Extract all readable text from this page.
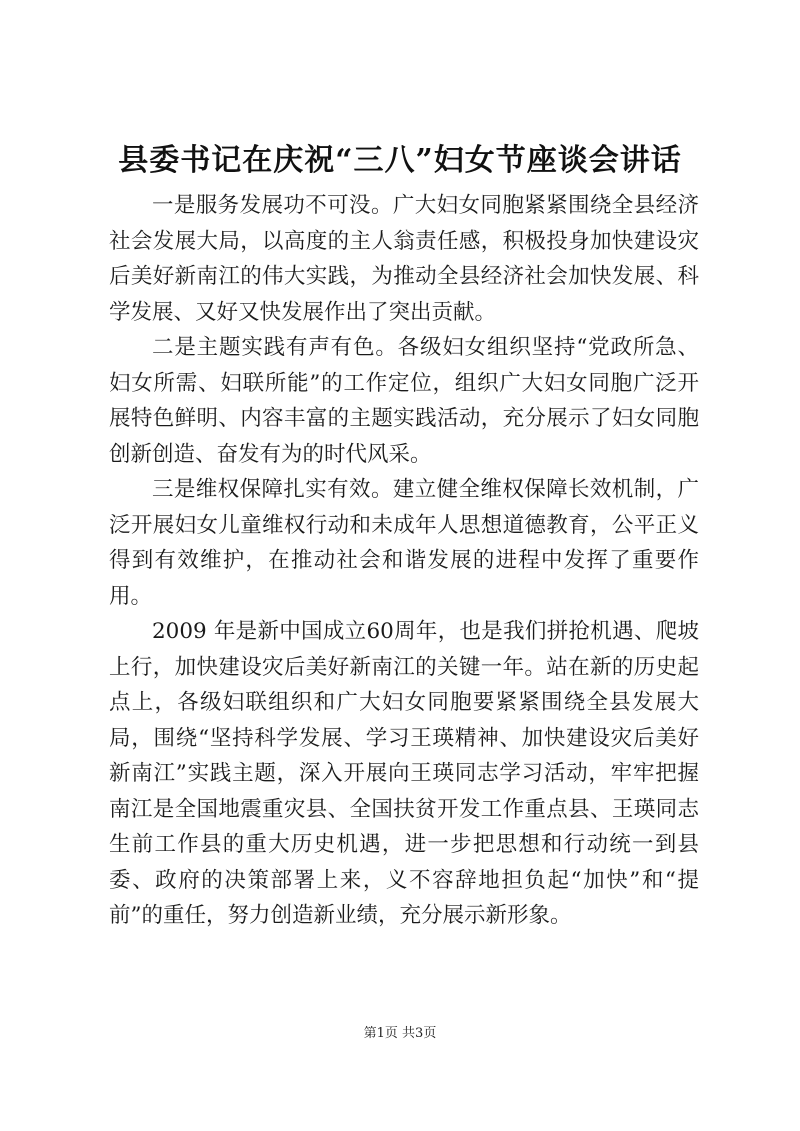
县委书记在庆祝“三八”妇女节座谈会讲话

一是服务发展功不可没。广大妇女同胞紧紧围绕全县经济社会发展大局，以高度的主人翁责任感，积极投身加快建设灾后美好新南江的伟大实践，为推动全县经济社会加快发展、科学发展、又好又快发展作出了突出贡献。

二是主题实践有声有色。各级妇女组织坚持“党政所急、妇女所需、妇联所能”的工作定位，组织广大妇女同胞广泛开展特色鲜明、内容丰富的主题实践活动，充分展示了妇女同胞创新创造、奋发有为的时代风采。

三是维权保障扎实有效。建立健全维权保障长效机制，广泛开展妇女儿童维权行动和未成年人思想道德教育，公平正义得到有效维护，在推动社会和谐发展的进程中发挥了重要作用。

2009 年是新中国成立60周年，也是我们拼抢机遇、爬坡上行，加快建设灾后美好新南江的关键一年。站在新的历史起点上，各级妇联组织和广大妇女同胞要紧紧围绕全县发展大局，围绕“坚持科学发展、学习王瑛精神、加快建设灾后美好新南江”实践主题，深入开展向王瑛同志学习活动，牢牢把握南江是全国地震重灾县、全国扶贫开发工作重点县、王瑛同志生前工作县的重大历史机遇，进一步把思想和行动统一到县委、政府的决策部署上来，义不容辞地担负起“加快”和“提前”的重任，努力创造新业绩，充分展示新形象。

第1页 共3页
